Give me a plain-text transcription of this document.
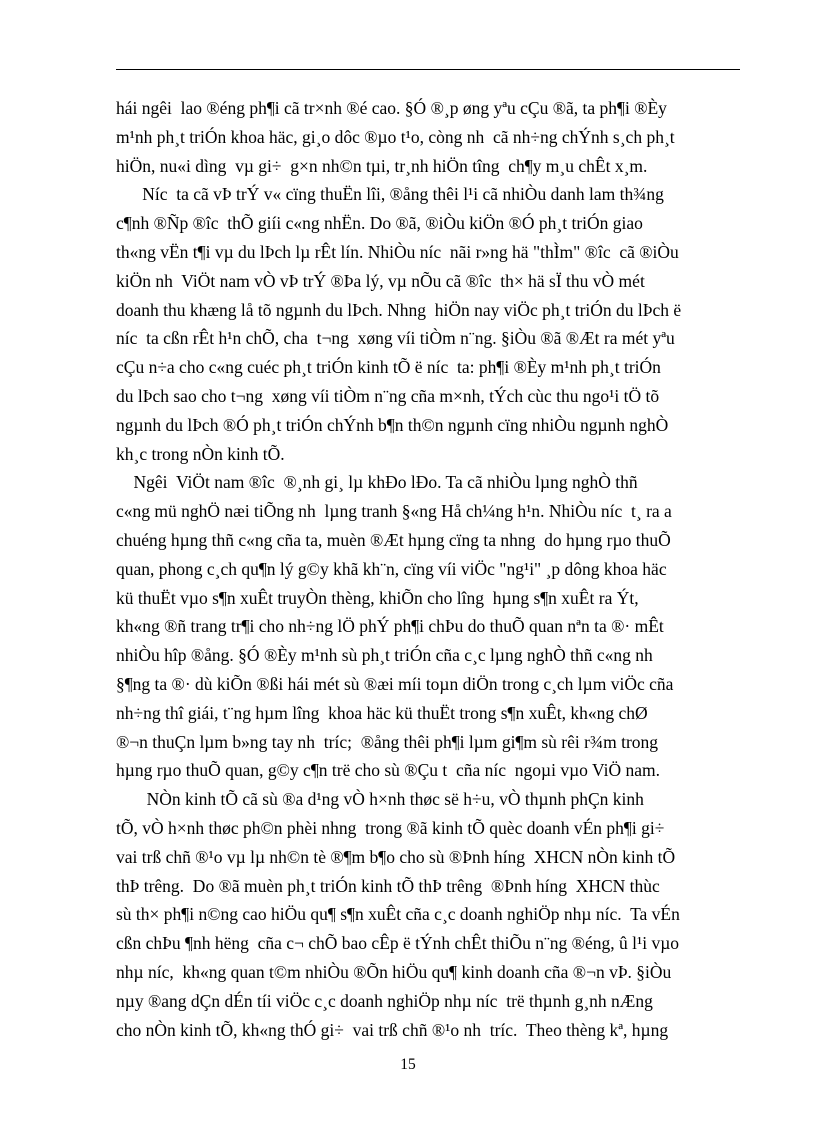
hái ngêi  lao ®éng ph¶i cã tr×nh ®é cao. §Ó ®¸p øng yªu cÇu ®ã, ta ph¶i ®Èy
m¹nh ph¸t triÓn khoa häc, gi¸o dôc ®µo t¹o, còng nh  cã nh÷ng chÝnh s¸ch ph¸t
hiÖn, nu«i dìng  vµ gi÷  g×n nh©n tµi, tr¸nh hiÖn tîng  ch¶y m¸u chÊt x¸m.
Níc  ta cã vÞ trÝ v« cïng thuËn lîi, ®ång thêi l¹i cã nhiÒu danh lam th¾ng
c¶nh ®Ñp ®îc  thÕ giíi c«ng nhËn. Do ®ã, ®iÒu kiÖn ®Ó ph¸t triÓn giao
th«ng vËn t¶i vµ du lÞch lµ rÊt lín. NhiÒu níc  nãi r»ng hä "thÌm" ®îc  cã ®iÒu
kiÖn nh  ViÖt nam vÒ vÞ trÝ ®Þa lý, vµ nÕu cã ®îc  th× hä sÏ thu vÒ mét
doanh thu khæng lå tõ ngµnh du lÞch. Nhng  hiÖn nay viÖc ph¸t triÓn du lÞch ë
níc  ta cßn rÊt h¹n chÕ, cha  t¬ng  xøng víi tiÒm n¨ng. §iÒu ®ã ®Æt ra mét yªu
cÇu n÷a cho c«ng cuéc ph¸t triÓn kinh tÕ ë níc  ta: ph¶i ®Èy m¹nh ph¸t triÓn
du lÞch sao cho t¬ng  xøng víi tiÒm n¨ng cña m×nh, tÝch cùc thu ngo¹i tÖ tõ
ngµnh du lÞch ®Ó ph¸t triÓn chÝnh b¶n th©n ngµnh cïng nhiÒu ngµnh nghÒ
kh¸c trong nÒn kinh tÕ.
Ngêi  ViÖt nam ®îc  ®¸nh gi¸ lµ khÐo lÐo. Ta cã nhiÒu lµng nghÒ thñ
c«ng mü nghÖ næi tiÕng nh  lµng tranh §«ng Hå ch¼ng h¹n. NhiÒu níc  t¸ ra a
chuéng hµng thñ c«ng cña ta, muèn ®Æt hµng cïng ta nhng  do hµng rµo thuÕ
quan, phong c¸ch qu¶n lý g©y khã kh¨n, cïng víi viÖc "ng¹i" ¸p dông khoa häc
kü thuËt vµo s¶n xuÊt truyÒn thèng, khiÕn cho lîng  hµng s¶n xuÊt ra Ýt,
kh«ng ®ñ trang tr¶i cho nh÷ng lÖ phÝ ph¶i chÞu do thuÕ quan nªn ta ®· mÊt
nhiÒu hîp ®ång. §Ó ®Èy m¹nh sù ph¸t triÓn cña c¸c lµng nghÒ thñ c«ng nh
§¶ng ta ®· dù kiÕn ®ßi hái mét sù ®æi míi toµn diÖn trong c¸ch lµm viÖc cña
nh÷ng thî giái, t¨ng hµm lîng  khoa häc kü thuËt trong s¶n xuÊt, kh«ng chØ
®¬n thuÇn lµm b»ng tay nh  tríc;  ®ång thêi ph¶i lµm gi¶m sù rêi r¾m trong
hµng rµo thuÕ quan, g©y c¶n trë cho sù ®Çu t  cña níc  ngoµi vµo ViÖ nam.
NÒn kinh tÕ cã sù ®a d¹ng vÒ h×nh thøc së h÷u, vÒ thµnh phÇn kinh
tÕ, vÒ h×nh thøc ph©n phèi nhng  trong ®ã kinh tÕ quèc doanh vÉn ph¶i gi÷
vai trß chñ ®¹o vµ lµ nh©n tè ®¶m b¶o cho sù ®Þnh híng  XHCN nÒn kinh tÕ
thÞ trêng.  Do ®ã muèn ph¸t triÓn kinh tÕ thÞ trêng  ®Þnh híng  XHCN thùc
sù th× ph¶i n©ng cao hiÖu qu¶ s¶n xuÊt cña c¸c doanh nghiÖp nhµ níc.  Ta vÉn
cßn chÞu ¶nh hëng  cña c¬ chÕ bao cÊp ë tÝnh chÊt thiÕu n¨ng ®éng, û l¹i vµo
nhµ níc,  kh«ng quan t©m nhiÒu ®Õn hiÖu qu¶ kinh doanh cña ®¬n vÞ. §iÒu
nµy ®ang dÇn dÉn tíi viÖc c¸c doanh nghiÖp nhµ níc  trë thµnh g¸nh nÆng
cho nÒn kinh tÕ, kh«ng thÓ gi÷  vai trß chñ ®¹o nh  tríc.  Theo thèng kª, hµng
15
